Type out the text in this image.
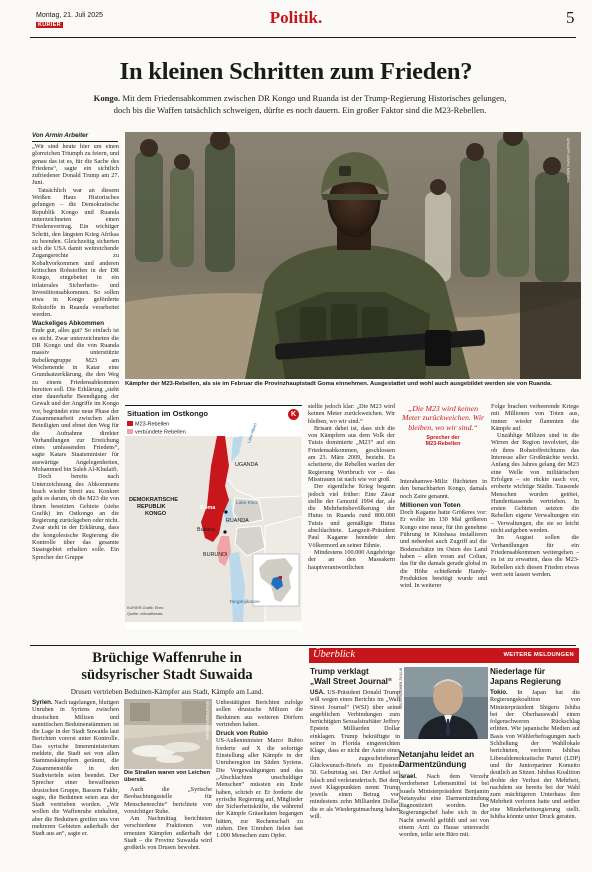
Montag, 21. Juli 2025
KURIER	Politik.	5
In kleinen Schritten zum Frieden?
Kongo. Mit dem Friedensabkommen zwischen DR Kongo und Ruanda ist der Trump-Regierung Historisches gelungen,
doch bis die Waffen tatsächlich schweigen, dürfte es noch dauern. Ein großer Faktor sind die M23-Rebellen.
APA/AFP/JOSPIN MWISHA
Kämpfer der M23-Rebellen, als sie im Februar die Provinzhauptstadt Goma einnehmen. Ausgestattet und wohl auch ausgebildet werden sie von Ruanda.
Von Armin Arbeiter

„Wir sind heute hier um einen glorreichen Triumph zu feiern, und genau das ist es, für die Sache des Friedens“, sagte ein sichtlich zufriedener Donald Trump am 27. Juni.

Tatsächlich war an diesem Weißen Haus Historisches gelungen – die Demokratische Republik Kongo und Ruanda unterzeichneten einen Friedensvertrag. Ein wichtiger Schritt, den längsten Krieg Afrikas zu beenden. Gleichzeitig sicherten sich die USA damit weitreichende Zugangsrechte zu Kobaltvorkommen und anderen kritischen Rohstoffen in der DR Kongo, eingebettet in ein trilaterales Sicherheits- und Investitionsabkommen. So sollen etwa in Kongo geförderte Rohstoffe in Ruanda verarbeitet werden.

Wackeliges Abkommen

Ende gut, alles gut? So einfach ist es nicht. Zwar unterzeichneten die DR Kongo und die von Ruanda massiv unterstützte Rebellengruppe M23 am Wochenende in Katar eine Grundsatzerklärung, die den Weg zu einem Friedensabkommen bereiten soll. Die Erklärung „sieht eine dauerhafte Beendigung der Gewalt und der Angriffe im Kongo vor, begründet eine neue Phase der Zusammenarbeit zwischen allen Beteiligten und ebnet den Weg für die Aufnahme direkter Verhandlungen zur Erreichung eines umfassenden Friedens“, sagte Katars Staatsminister für auswärtige Angelegenheiten, Mohammed bin Saleh Al-Khulaifi.

Doch bereits nach Unterzeichnung des Abkommens brach wieder Streit aus. Konkret geht es darum, ob die M23 die von ihnen besetzten Gebiete (siehe Grafik) im Ostkongo an die Regierung zurückgeben oder nicht. Zwar steht in der Erklärung, dass die kongolesische Regierung die Kontrolle über das gesamte Staatsgebiet erhalten solle. Ein Sprecher der Gruppe

Situation im Ostkongo	K
M23-Rebellen
verbündete Rebellen
DEMOKRATISCHE
REPUBLIK
KONGO
UGANDA
RUANDA
BURUNDI
Goma
Bukavu
Lake Kivu
Lake Albert
Tanganjikasee
KURIER-Grafik: Ebec
Quelle: criticalthreats

stellte jedoch klar: „Die M23 wird keinen Meter zurückweichen. Wir bleiben, wo wir sind.“

Brisant dabei ist, dass sich die von Kämpfern aus dem Volk der Tutsis dominierte „M23“ auf ein Friedensabkommen, geschlossen am 23. März 2009, bezieht. Es scheiterte, die Rebellen warfen der Regierung Wortbruch vor – das Misstrauen ist nach wie vor groß.

Der eigentliche Krieg begann jedoch viel früher: Eine Zäsur stellte der Genozid 1994 dar, als die Mehrheitsbevölkerung der Hutus in Ruanda rund 800.000 Tutsis und gemäßigte Hutus abschlachtete. Langzeit-Präsident Paul Kagame beendete den Völkermord an seiner Ethnie.

Mindestens 100.000 Angehörige der an den Massakern hauptverantwortlichen

„Die M23 wird keinen Meter zurückweichen. Wir bleiben, wo wir sind.“
Sprecher der
M23-Rebellen

Interahamwe-Miliz flüchteten in den benachbarten Kongo, damals noch Zaire genannt.

Millionen von Toten

Doch Kagame hatte Größeres vor: Er wollte im 130 Mal größeren Kongo eine neue, für ihn genehme Führung in Kinshasa installieren und nebenbei auch Zugriff auf die Bodenschätze im Osten des Land haben – allen voran auf Coltan, das für die damals gerade global in die Höhe schießende Handy-Produktion benötigt wurde und wird. In weiterer

Folge brachen verheerende Kriege mit Millionen von Toten aus, immer wieder flammten die Kämpfe auf.

Unzählige Milizen sind in die Wirren der Region involviert, die ob ihres Rohstoffreichtums das Interesse aller Großmächte weckt. Anfang des Jahres gelang der M23 eine Welle von militärischen Erfolgen – sie rückte rasch vor, eroberte wichtige Städte. Tausende Menschen wurden getötet, Hunderttausende vertrieben. In ersten Gebieten setzten die Rebellen eigene Verwaltungen ein – Verwaltungen, die sie so leicht nicht aufgeben werden.

Im August sollen die Verhandlungen für ein Friedensabkommen weitergehen – es ist zu erwarten, dass die M23-Rebellen sich diesen Frieden etwas wert sein lassen werden.

Brüchige Waffenruhe in
südsyrischer Stadt Suwaida
Drusen vertrieben Beduinen-Kämpfer aus Stadt, Kämpfe am Land.

Syrien. Nach tagelangen, blutigen Unruhen in Syriens zwischen drusischen Milizen und sunnitischen Beduinenstämmen ist die Lage in der Stadt Suwaida laut Berichten vorerst unter Kontrolle. Das syrische Innenministerium meldete, die Stadt sei von allen Stammeskämpfern geräumt, die Zusammenstöße in den Stadtvierteln seien beendet. Der Sprecher einer bewaffneten drusischen Gruppe, Bassem Fakhr, sagte, die Beduinen seien aus der Stadt vertrieben worden. „Wir wollen die Waffenruhe einhalten, aber die Beduinen greifen uns von mehreren Gebieten außerhalb der Stadt aus an“, sagte er.

APA/AFP/BAKR ALKASEM
Die Straßen waren von Leichen übersät.

Auch die „Syrische Beobachtungsstelle für Menschenrechte“ berichtete von vorsichtiger Ruhe.

Am Nachmittag berichteten verschiedene Fraktionen von erneuten Kämpfen außerhalb der Stadt – die Provinz Suwaida wird großteils von Drusen bewohnt.

Unbestätigten Berichten zufolge sollen drusische Milizen die Beduinen aus weiteren Dörfern vertrieben haben.

Druck von Rubio

US-Außenminister Marco Rubio forderte auf X die sofortige Einstellung aller Kämpfe in der Unruheregion im Süden Syriens. Die Vergewaltigungen und das „Abschlachten unschuldiger Menschen“ müssten ein Ende haben, schrieb er. Er forderte die syrische Regierung auf, Mitglieder der Sicherheitskräfte, die während der Kämpfe Gräueltaten begangen hätten, zur Rechenschaft zu ziehen. Den Unruhen fielen fast 1.000 Menschen zum Opfer.

Überblick	WEITERE MELDUNGEN
Trump verklagt
„Wall Street Journal“

USA. US-Präsident Donald Trump will wegen eines Berichts im „Wall Street Journal“ (WSJ) über seine angeblichen Verbindungen zum berüchtigten Sexualstraftäter Jeffrey Epstein Milliarden Dollar einklagen. Trump bekräftigte in seiner in Florida eingereichten Klage, dass er nicht der Autor eines ihm zugeschriebenen Glückwunsch-Briefs zu Epsteins 50. Geburtstag sei. Der Artikel sei falsch und verleumderisch. Bei dem zwei Klagepunkten nennt Trump jeweils einen Betrag von mindestens zehn Milliarden Dollar, die er als Wiedergutmachung haben will.

REUTERS/RONEN ZVULUN
Netanjahu leidet an
Darmentzündung

Israel. Nach dem Verzehr verdorbener Lebensmittel ist bei Israels Ministerpräsident Benjamin Netanyahu eine Darmentzündung diagnostiziert worden. Der Regierungschef habe sich in der Nacht unwohl gefühlt und sei von einem Arzt zu Hause untersucht worden, teilte sein Büro mit.

Niederlage für
Japans Regierung

Tokio. In Japan hat die Regierungskoalition von Ministerpräsident Shigeru Ishiba bei der Oberhauswahl einen folgenschweren Rückschlag erlitten. Wie japanische Medien auf Basis von Wählerbefragungen nach Schließung der Wahllokale berichteten, verloren Ishibas Liberaldemokratische Partei (LDP) und ihr Juniorpartner Komeito deutlich an Sitzen. Ishibas Koalition drohte der Verlust der Mehrheit, nachdem sie bereits bei der Wahl zum mächtigeren Unterhaus ihre Mehrheit verloren hatte und seither eine Minderheitsregierung stellt. Ishiba könnte unter Druck geraten.
